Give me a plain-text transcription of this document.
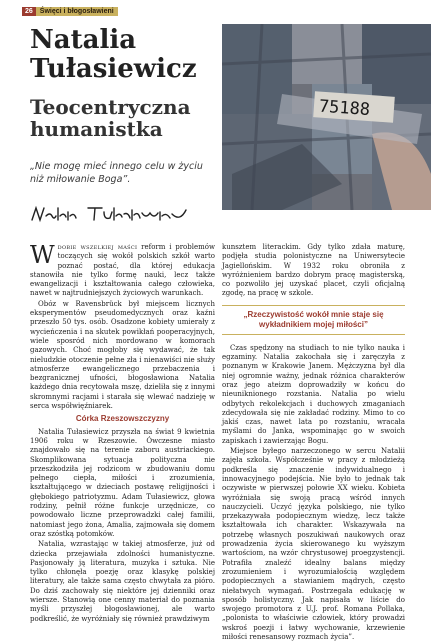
26	Święci i błogosławieni
75188
Natalia
Tułasiewicz
Teocentryczna
humanistka

„Nie mogę mieć innego celu w życiu niż miłowanie Boga”.

Wdobie wszelkiej maści reform i problemów toczących się wokół polskich szkół warto poznać postać, dla której edukacja stanowiła nie tylko formę nauki, lecz także ewangelizacji i kształtowania całego człowieka, nawet w najtrudniejszych życiowych warunkach.

Obóz w Ravensbrück był miejscem licznych eksperymentów pseudomedycznych oraz kaźni przeszło 50 tys. osób. Osadzone kobiety umierały z wycieńczenia i na skutek powikłań pooperacyjnych, wiele sposród nich mordowano w komorach gazowych. Choć mogłoby się wydawać, że tak nieludzkie otoczenie pełne zła i nienawiści nie służy atmosferze ewangelicznego przebaczenia i bezgranicznej ufności, błogosławiona Natalia każdego dnia recytowała mszę, dzieliła się z innymi skromnymi racjami i starała się wlewać nadzieję w serca współwięźniarek.

Córka Rzeszowszczyzny

Natalia Tułasiewicz przyszła na świat 9 kwietnia 1906 roku w Rzeszowie. Ówczesne miasto znajdowało się na terenie zaboru austriackiego. Skomplikowana sytuacja polityczna nie przeszkodziła jej rodzicom w zbudowaniu domu pełnego ciepła, miłości i zrozumienia, kształtującego w dzieciach postawę religijności i głębokiego patriotyzmu. Adam Tułasiewicz, głowa rodziny, pełnił różne funkcje urzędnicze, co powodowało liczne przeprowadzki całej familii, natomiast jego żona, Amalia, zajmowała się domem oraz szóstką potomków.

Natalia, wzrastając w takiej atmosferze, już od dziecka przejawiała zdolności humanistyczne. Pasjonowały ją literatura, muzyka i sztuka. Nie tylko chłonęła poezję oraz klasykę polskiej literatury, ale także sama często chwytała za pióro. Do dziś zachowały się niektóre jej dzienniki oraz wiersze. Stanowią one cenny materiał do poznania myśli przyszłej błogosławionej, ale warto podkreślić, że wyróżniały się również prawdziwym

kunsztem literackim. Gdy tylko zdała maturę, podjęła studia polonistyczne na Uniwersytecie Jagiellońskim. W 1932 roku obroniła z wyróżnieniem bardzo dobrym pracę magisterską, co pozwoliło jej uzyskać placet, czyli oficjalną zgodę, na pracę w szkole.

„Rzeczywistość wokół mnie staje się wykładnikiem mojej miłości”

Czas spędzony na studiach to nie tylko nauka i egzaminy. Natalia zakochała się i zaręczyła z poznanym w Krakowie Janem. Mężczyzna był dla niej ogromnie ważny, jednak różnica charakterów oraz jego ateizm doprowadziły w końcu do nieuniknionego rozstania. Natalia po wielu odbytych rekolekcjach i duchowych zmaganiach zdecydowała się nie zakładać rodziny. Mimo to co jakiś czas, nawet lata po rozstaniu, wracała myślami do Janka, wspominając go w swoich zapiskach i zawierzając Bogu.

Miejsce byłego narzeczonego w sercu Natalii zajęła szkoła. Współcześnie w pracy z młodzieżą podkreśla się znaczenie indywidualnego i innowacyjnego podejścia. Nie było to jednak tak oczywiste w pierwszej połowie XX wieku. Kobieta wyróżniała się swoją pracą wśród innych nauczycieli. Uczyć języka polskiego, nie tylko przekazywała podopiecznym wiedzę, lecz także kształtowała ich charakter. Wskazywała na potrzebę własnych poszukiwań naukowych oraz prowadzenia życia skierowanego ku wyższym wartościom, na wzór chrystusowej proegzystencji. Potrafiła znaleźć idealny balans między zrozumieniem i wyrozumiałością względem podopiecznych a stawianiem mądrych, często niełatwych wymagań. Postrzegała edukację w sposób holistyczny. Jak napisała w liście do swojego promotora z U.J. prof. Romana Pollaka, „polonista to właściwie człowiek, który prowadzi wskroś poezji i łatwy wychowanie, krzewienie miłości renesansowy rozmach życia”.
